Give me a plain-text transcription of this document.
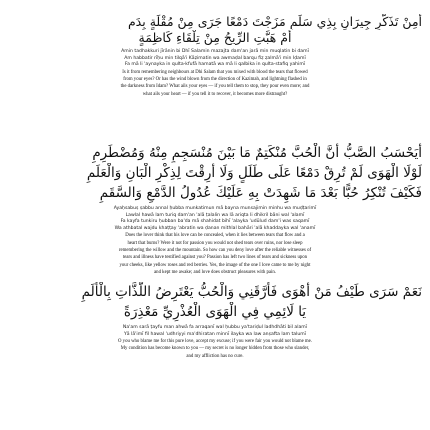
أَمِنْ تَذَكُّرِ جِيرَانٍ بِذِي سَلَمٍ مَزَجْتَ دَمْعًا جَرَى مِنْ مُقْلَةٍ بِدَمِ
أَمْ هَبَّتِ الرِّيحُ مِنْ تِلْقَاءِ كَاظِمَةٍ
Amin tadhakkuri jīrānin bi Dhī Salamin mazajta dam'an jarā min muqlatin bi damī
Am habbatir rīḥu min tilqā'i Kāẓimatin wa awmaḍal barqu fiẓ ẓalmā'i min Iḍamī
Fa mā li 'aynayka in qulta-kfufā hamatā wa mā li qalbika in qulta-stafiq yahimī
Is it from remembering neighbours at Dhi Salam that you mixed with blood the tears that flowed
from your eyes? Or has the wind blown from the direction of Kazimah, and lightning flashed in
the darkness from Idam? What ails your eyes — if you tell them to stop, they pour even more; and
what ails your heart — if you tell it to recover, it becomes more distraught?
أَيَحْسَبُ الصَّبُّ أَنَّ الْحُبَّ مُنْكَتِمٌ مَا بَيْنَ مُنْسَجِمٍ مِنْهُ وَمُضْطَرِمِ
لَوْلَا الْهَوَى لَمْ تُرِقْ دَمْعًا عَلَى طَلَلٍ وَلَا أَرِقْتَ لِذِكْرِ الْبَانِ وَالْعَلَمِ
فَكَيْفَ تُنْكِرُ حُبًّا بَعْدَ مَا شَهِدَتْ بِهِ عَلَيْكَ عُدُولُ الدَّمْعِ وَالسَّقَمِ
Ayaḥsabuṣ ṣabbu annal ḥubba munkatimun mā bayna munsajimin minhu wa muḍṭarimī
Lawlal hawā lam turiq dam'an 'alā ṭalalin wa lā ariqta li dhikril bāni wal 'alamī
Fa kayfa tunkiru ḥubban ba'da mā shahidat bihī 'alayka 'udūlud dam'i was saqamī
Wa athbatal wajdu khaṭṭay 'abratin wa ḍanan mithlal bahāri 'alā khaddayka wal 'anamī
Does the lover think that his love can be concealed, when it lies between tears that flow and a
heart that burns? Were it not for passion you would not shed tears over ruins, nor lose sleep
remembering the willow and the mountain. So how can you deny love after the reliable witnesses of
tears and illness have testified against you? Passion has left two lines of tears and sickness upon
your cheeks, like yellow roses and red berries. Yes, the image of the one I love came to me by night
and kept me awake; and love does obstruct pleasures with pain.
نَعَمْ سَرَى طَيْفُ مَنْ أَهْوَى فَأَرَّقَنِي وَالْحُبُّ يَعْتَرِضُ اللَّذَّاتِ بِالْأَلَمِ
يَا لَائِمِي فِي الْهَوَى الْعُذْرِيِّ مَعْذِرَةً
Na'am sarā ṭayfu man ahwā fa arraqanī wal ḥubbu ya'tariḍul ladhdhāti bil alamī
Yā lā'imī fil hawal 'udhriyyi ma'dhiratan minnī ilayka wa law anṣafta lam talumī
O you who blame me for this pure love, accept my excuse; if you were fair you would not blame me.
My condition has become known to you — my secret is no longer hidden from those who slander,
and my affliction has no cure.
